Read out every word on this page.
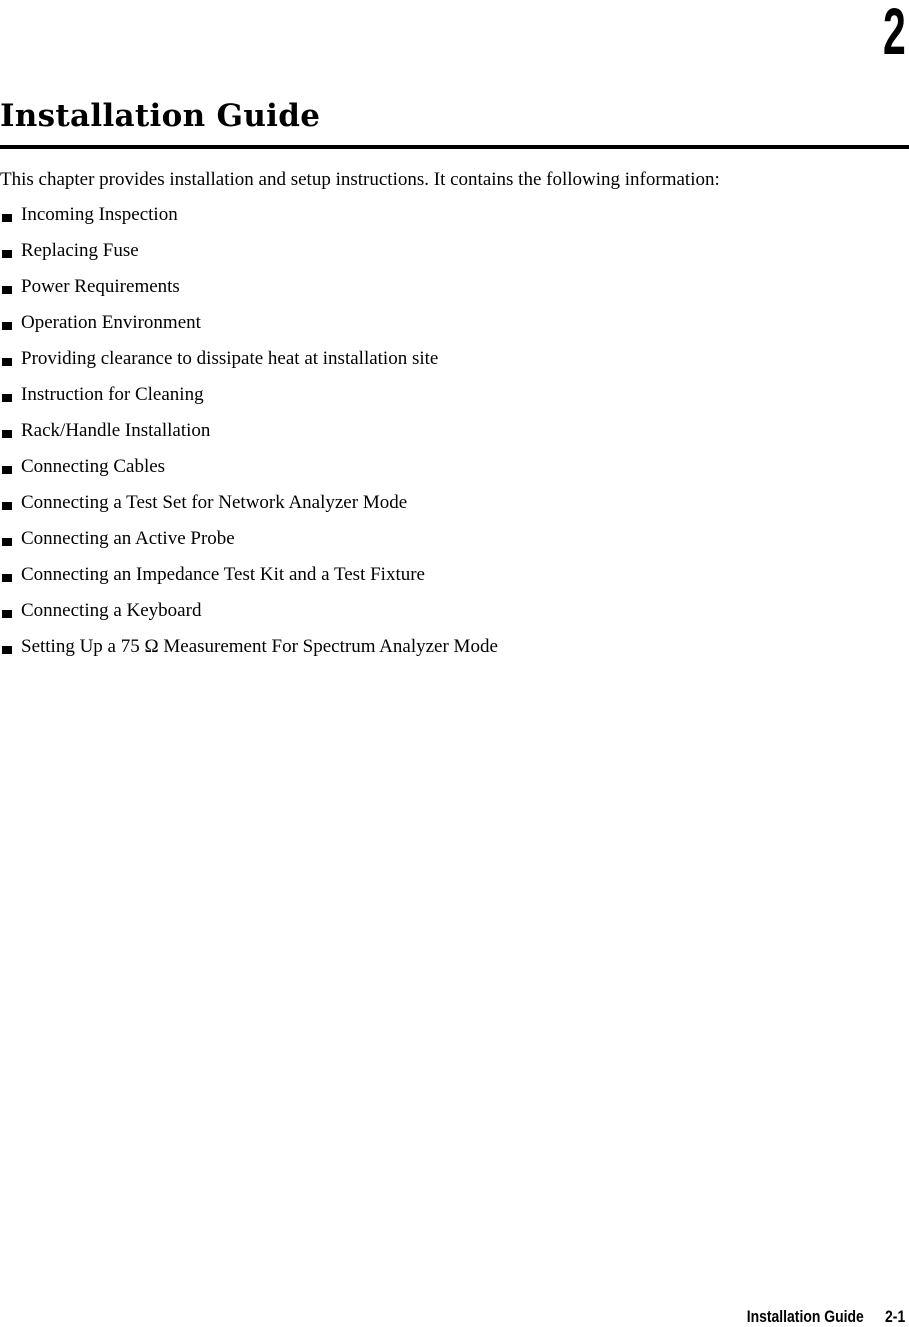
2
Installation Guide

This chapter provides installation and setup instructions. It contains the following information:

Incoming Inspection
Replacing Fuse
Power Requirements
Operation Environment
Providing clearance to dissipate heat at installation site
Instruction for Cleaning
Rack/Handle Installation
Connecting Cables
Connecting a Test Set for Network Analyzer Mode
Connecting an Active Probe
Connecting an Impedance Test Kit and a Test Fixture
Connecting a Keyboard
Setting Up a 75 Ω Measurement For Spectrum Analyzer Mode
Installation Guide 2-1
